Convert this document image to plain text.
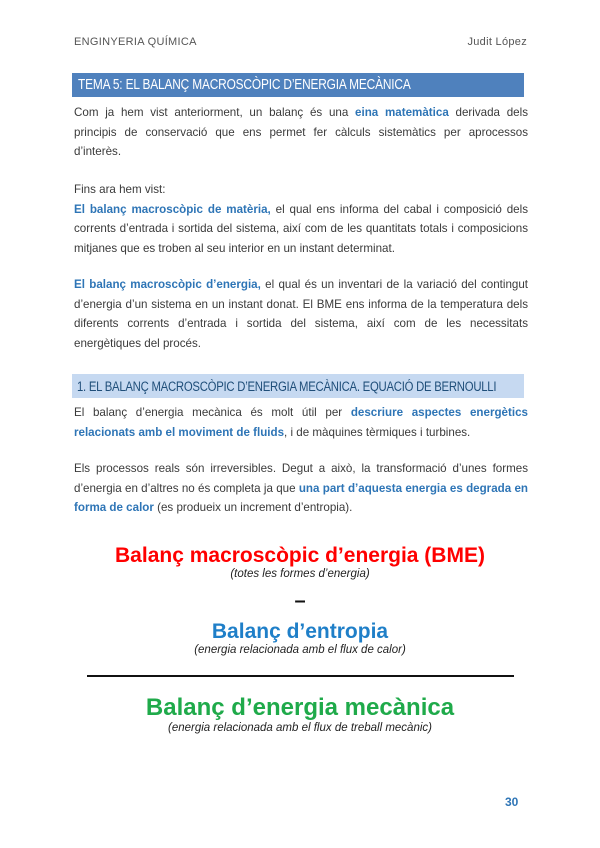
ENGINYERIA QUÍMICA	Judit López
TEMA 5: EL BALANÇ MACROSCÒPIC D’ENERGIA MECÀNICA

Com ja hem vist anteriorment, un balanç és una eina matemàtica derivada dels principis de conservació que ens permet fer càlculs sistemàtics per aprocessos d’interès.

Fins ara hem vist:
El balanç macroscòpic de matèria, el qual ens informa del cabal i composició dels corrents d’entrada i sortida del sistema, així com de les quantitats totals i composicions mitjanes que es troben al seu interior en un instant determinat.

El balanç macroscòpic d’energia, el qual és un inventari de la variació del contingut d’energia d’un sistema en un instant donat. El BME ens informa de la temperatura dels diferents corrents d’entrada i sortida del sistema, així com de les necessitats energètiques del procés.

1. EL BALANÇ MACROSCÒPIC D’ENERGIA MECÀNICA. EQUACIÓ DE BERNOULLI

El balanç d’energia mecànica és molt útil per descriure aspectes energètics relacionats amb el moviment de fluids, i de màquines tèrmiques i turbines.

Els processos reals són irreversibles. Degut a això, la transformació d’unes formes d’energia en d’altres no és completa ja que una part d’aquesta energia es degrada en forma de calor (es produeix un increment d’entropia).

Balanç macroscòpic d’energia (BME)
(totes les formes d’energia)
–
Balanç d’entropia
(energia relacionada amb el flux de calor)
Balanç d’energia mecànica
(energia relacionada amb el flux de treball mecànic)
30
